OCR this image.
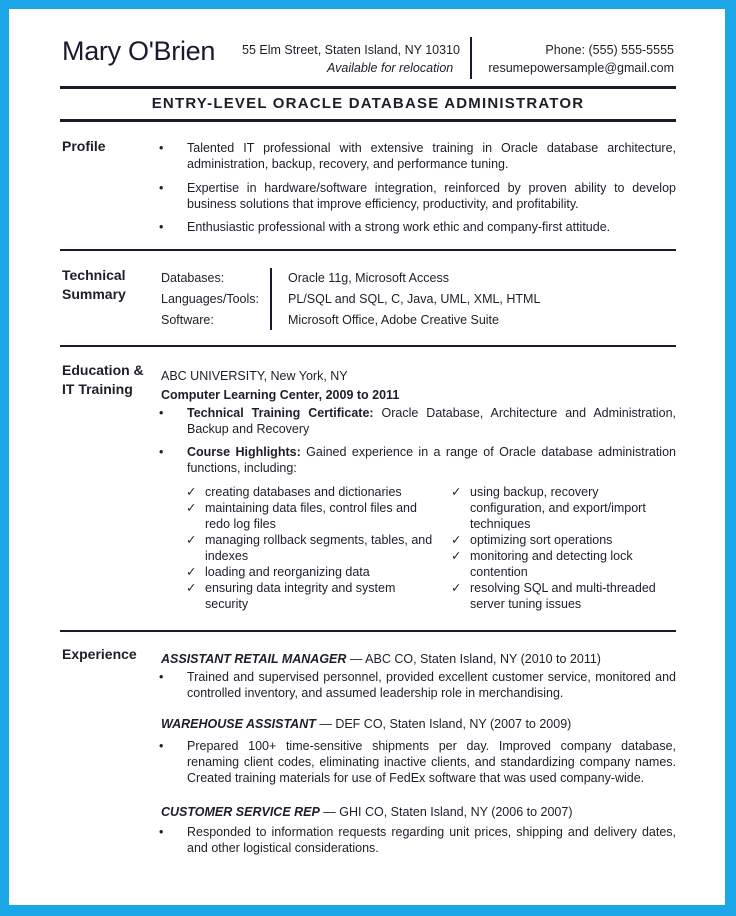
Mary O'Brien 55 Elm Street, Staten Island, NY 10310
Available for relocation
Phone: (555) 555-5555
resumepowersample@gmail.com
ENTRY-LEVEL ORACLE DATABASE ADMINISTRATOR
Profile	• Talented IT professional with extensive training in Oracle database architecture, administration, backup, recovery, and performance tuning.
• Expertise in hardware/software integration, reinforced by proven ability to develop business solutions that improve efficiency, productivity, and profitability.
• Enthusiastic professional with a strong work ethic and company-first attitude.
Technical Summary
Databases:
Languages/Tools:
Software:
Oracle 11g, Microsoft Access
PL/SQL and SQL, C, Java, UML, XML, HTML
Microsoft Office, Adobe Creative Suite
Education & IT Training
ABC UNIVERSITY, New York, NY
Computer Learning Center, 2009 to 2011
• Technical Training Certificate: Oracle Database, Architecture and Administration, Backup and Recovery
• Course Highlights: Gained experience in a range of Oracle database administration functions, including:
✓ creating databases and dictionaries
✓ maintaining data files, control files and redo log files
✓ managing rollback segments, tables, and indexes
✓ loading and reorganizing data
✓ ensuring data integrity and system security
✓ using backup, recovery configuration, and export/import techniques
✓ optimizing sort operations
✓ monitoring and detecting lock contention
✓ resolving SQL and multi-threaded server tuning issues
Experience ASSISTANT RETAIL MANAGER — ABC CO, Staten Island, NY (2010 to 2011)
• Trained and supervised personnel, provided excellent customer service, monitored and controlled inventory, and assumed leadership role in merchandising.
WAREHOUSE ASSISTANT — DEF CO, Staten Island, NY (2007 to 2009)
• Prepared 100+ time-sensitive shipments per day. Improved company database, renaming client codes, eliminating inactive clients, and standardizing company names. Created training materials for use of FedEx software that was used company-wide.
CUSTOMER SERVICE REP — GHI CO, Staten Island, NY (2006 to 2007)
• Responded to information requests regarding unit prices, shipping and delivery dates, and other logistical considerations.
